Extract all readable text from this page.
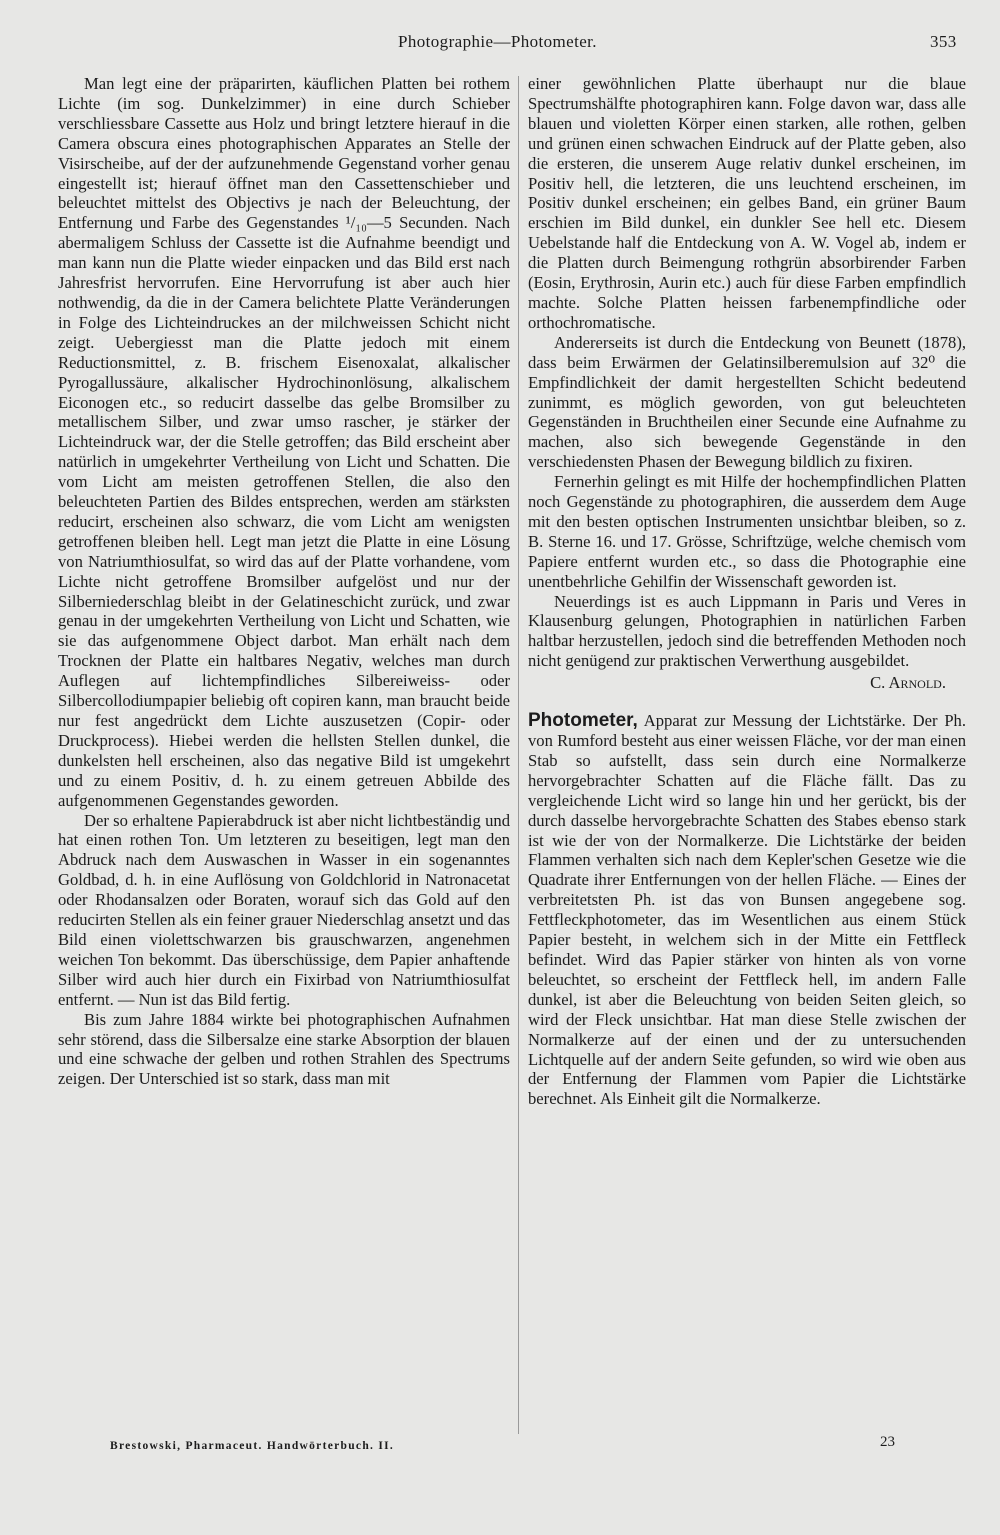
Photographie—Photometer.	353

Man legt eine der präparirten, käuflichen Platten bei rothem Lichte (im sog. Dunkelzimmer) in eine durch Schieber verschliessbare Cassette aus Holz und bringt letztere hierauf in die Camera obscura eines photographischen Apparates an Stelle der Visirscheibe, auf der der aufzunehmende Gegenstand vorher genau eingestellt ist; hierauf öffnet man den Cassettenschieber und beleuchtet mittelst des Objectivs je nach der Beleuchtung, der Entfernung und Farbe des Gegenstandes ¹/₁₀—5 Secunden. Nach abermaligem Schluss der Cassette ist die Aufnahme beendigt und man kann nun die Platte wieder einpacken und das Bild erst nach Jahresfrist hervorrufen. Eine Hervorrufung ist aber auch hier nothwendig, da die in der Camera belichtete Platte Veränderungen in Folge des Lichteindruckes an der milchweissen Schicht nicht zeigt. Uebergiesst man die Platte jedoch mit einem Reductionsmittel, z. B. frischem Eisenoxalat, alkalischer Pyrogallussäure, alkalischer Hydrochinonlösung, alkalischem Eiconogen etc., so reducirt dasselbe das gelbe Bromsilber zu metallischem Silber, und zwar umso rascher, je stärker der Lichteindruck war, der die Stelle getroffen; das Bild erscheint aber natürlich in umgekehrter Vertheilung von Licht und Schatten. Die vom Licht am meisten getroffenen Stellen, die also den beleuchteten Partien des Bildes entsprechen, werden am stärksten reducirt, erscheinen also schwarz, die vom Licht am wenigsten getroffenen bleiben hell. Legt man jetzt die Platte in eine Lösung von Natriumthiosulfat, so wird das auf der Platte vorhandene, vom Lichte nicht getroffene Bromsilber aufgelöst und nur der Silberniederschlag bleibt in der Gelatineschicht zurück, und zwar genau in der umgekehrten Vertheilung von Licht und Schatten, wie sie das aufgenommene Object darbot. Man erhält nach dem Trocknen der Platte ein haltbares Negativ, welches man durch Auflegen auf lichtempfindliches Silbereiweiss- oder Silbercollodiumpapier beliebig oft copiren kann, man braucht beide nur fest angedrückt dem Lichte auszusetzen (Copir- oder Druckprocess). Hiebei werden die hellsten Stellen dunkel, die dunkelsten hell erscheinen, also das negative Bild ist umgekehrt und zu einem Positiv, d. h. zu einem getreuen Abbilde des aufgenommenen Gegenstandes geworden.

Der so erhaltene Papierabdruck ist aber nicht lichtbeständig und hat einen rothen Ton. Um letzteren zu beseitigen, legt man den Abdruck nach dem Auswaschen in Wasser in ein sogenanntes Goldbad, d. h. in eine Auflösung von Goldchlorid in Natronacetat oder Rhodansalzen oder Boraten, worauf sich das Gold auf den reducirten Stellen als ein feiner grauer Niederschlag ansetzt und das Bild einen violettschwarzen bis grauschwarzen, angenehmen weichen Ton bekommt. Das überschüssige, dem Papier anhaftende Silber wird auch hier durch ein Fixirbad von Natriumthiosulfat entfernt. — Nun ist das Bild fertig.

Bis zum Jahre 1884 wirkte bei photographischen Aufnahmen sehr störend, dass die Silbersalze eine starke Absorption der blauen und eine schwache der gelben und rothen Strahlen des Spectrums zeigen. Der Unterschied ist so stark, dass man mit

einer gewöhnlichen Platte überhaupt nur die blaue Spectrumshälfte photographiren kann. Folge davon war, dass alle blauen und violetten Körper einen starken, alle rothen, gelben und grünen einen schwachen Eindruck auf der Platte geben, also die ersteren, die unserem Auge relativ dunkel erscheinen, im Positiv hell, die letzteren, die uns leuchtend erscheinen, im Positiv dunkel erscheinen; ein gelbes Band, ein grüner Baum erschien im Bild dunkel, ein dunkler See hell etc. Diesem Uebelstande half die Entdeckung von A. W. Vogel ab, indem er die Platten durch Beimengung rothgrün absorbirender Farben (Eosin, Erythrosin, Aurin etc.) auch für diese Farben empfindlich machte. Solche Platten heissen farbenempfindliche oder orthochromatische.

Andererseits ist durch die Entdeckung von Beunett (1878), dass beim Erwärmen der Gelatinsilberemulsion auf 32⁰ die Empfindlichkeit der damit hergestellten Schicht bedeutend zunimmt, es möglich geworden, von gut beleuchteten Gegenständen in Bruchtheilen einer Secunde eine Aufnahme zu machen, also sich bewegende Gegenstände in den verschiedensten Phasen der Bewegung bildlich zu fixiren.

Fernerhin gelingt es mit Hilfe der hochempfindlichen Platten noch Gegenstände zu photographiren, die ausserdem dem Auge mit den besten optischen Instrumenten unsichtbar bleiben, so z. B. Sterne 16. und 17. Grösse, Schriftzüge, welche chemisch vom Papiere entfernt wurden etc., so dass die Photographie eine unentbehrliche Gehilfin der Wissenschaft geworden ist.

Neuerdings ist es auch Lippmann in Paris und Veres in Klausenburg gelungen, Photographien in natürlichen Farben haltbar herzustellen, jedoch sind die betreffenden Methoden noch nicht genügend zur praktischen Verwerthung ausgebildet.

C. Arnold.

Photometer, Apparat zur Messung der Lichtstärke. Der Ph. von Rumford besteht aus einer weissen Fläche, vor der man einen Stab so aufstellt, dass sein durch eine Normalkerze hervorgebrachter Schatten auf die Fläche fällt. Das zu vergleichende Licht wird so lange hin und her gerückt, bis der durch dasselbe hervorgebrachte Schatten des Stabes ebenso stark ist wie der von der Normalkerze. Die Lichtstärke der beiden Flammen verhalten sich nach dem Kepler'schen Gesetze wie die Quadrate ihrer Entfernungen von der hellen Fläche. — Eines der verbreitetsten Ph. ist das von Bunsen angegebene sog. Fettfleckphotometer, das im Wesentlichen aus einem Stück Papier besteht, in welchem sich in der Mitte ein Fettfleck befindet. Wird das Papier stärker von hinten als von vorne beleuchtet, so erscheint der Fettfleck hell, im andern Falle dunkel, ist aber die Beleuchtung von beiden Seiten gleich, so wird der Fleck unsichtbar. Hat man diese Stelle zwischen der Normalkerze auf der einen und der zu untersuchenden Lichtquelle auf der andern Seite gefunden, so wird wie oben aus der Entfernung der Flammen vom Papier die Lichtstärke berechnet. Als Einheit gilt die Normalkerze.

Brestowski, Pharmaceut. Handwörterbuch. II.	23
